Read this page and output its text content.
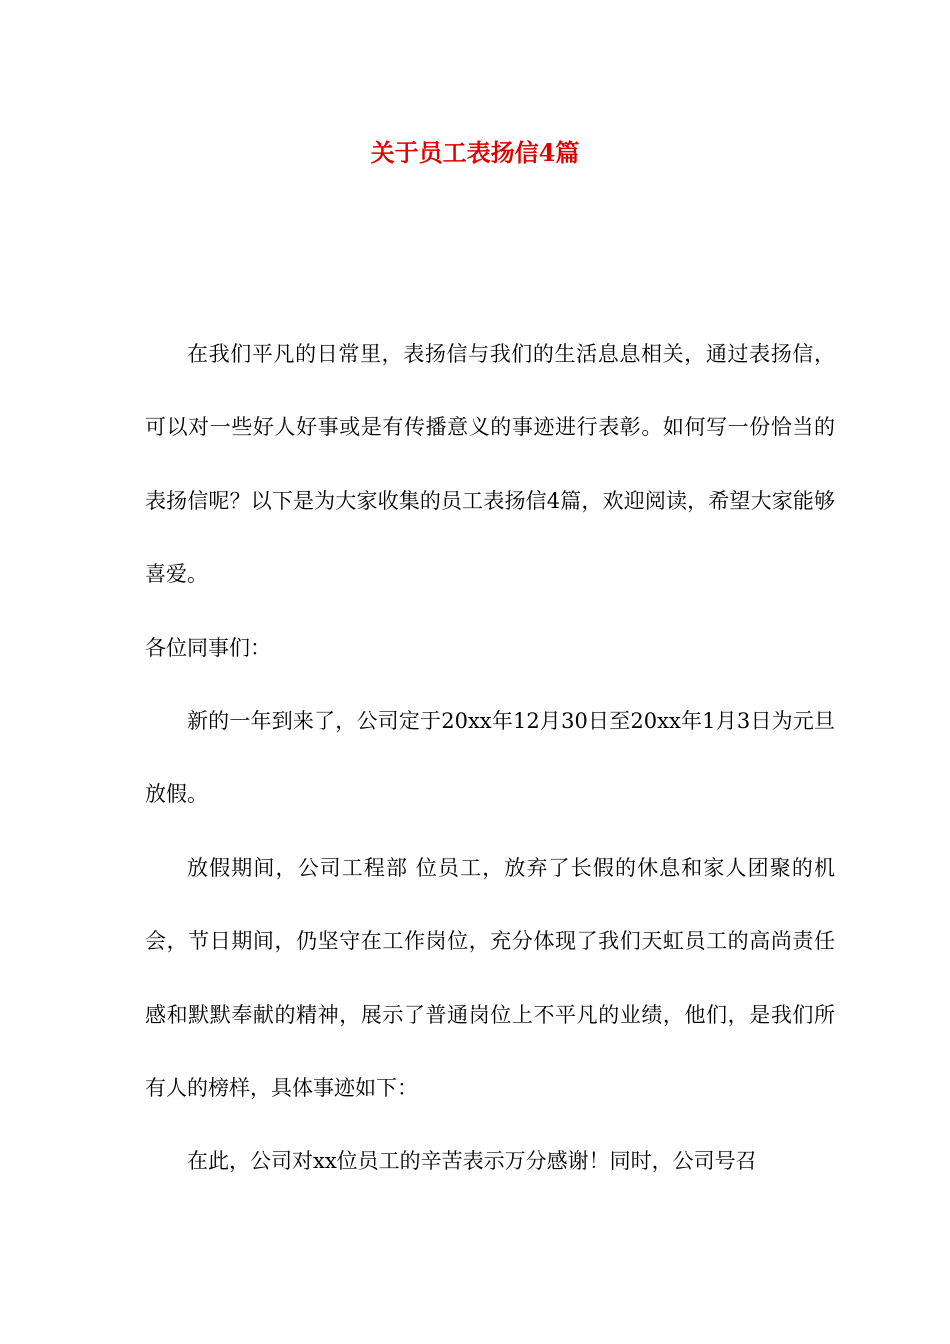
关于员工表扬信4篇

在我们平凡的日常里，表扬信与我们的生活息息相关，通过表扬信，可以对一些好人好事或是有传播意义的事迹进行表彰。如何写一份恰当的表扬信呢？以下是为大家收集的员工表扬信4篇，欢迎阅读，希望大家能够喜爱。

各位同事们：

新的一年到来了，公司定于20xx年12月30日至20xx年1月3日为元旦放假。

放假期间，公司工程部 位员工，放弃了长假的休息和家人团聚的机会，节日期间，仍坚守在工作岗位，充分体现了我们天虹员工的高尚责任感和默默奉献的精神，展示了普通岗位上不平凡的业绩，他们，是我们所有人的榜样，具体事迹如下：

在此，公司对xx位员工的辛苦表示万分感谢！同时，公司号召
